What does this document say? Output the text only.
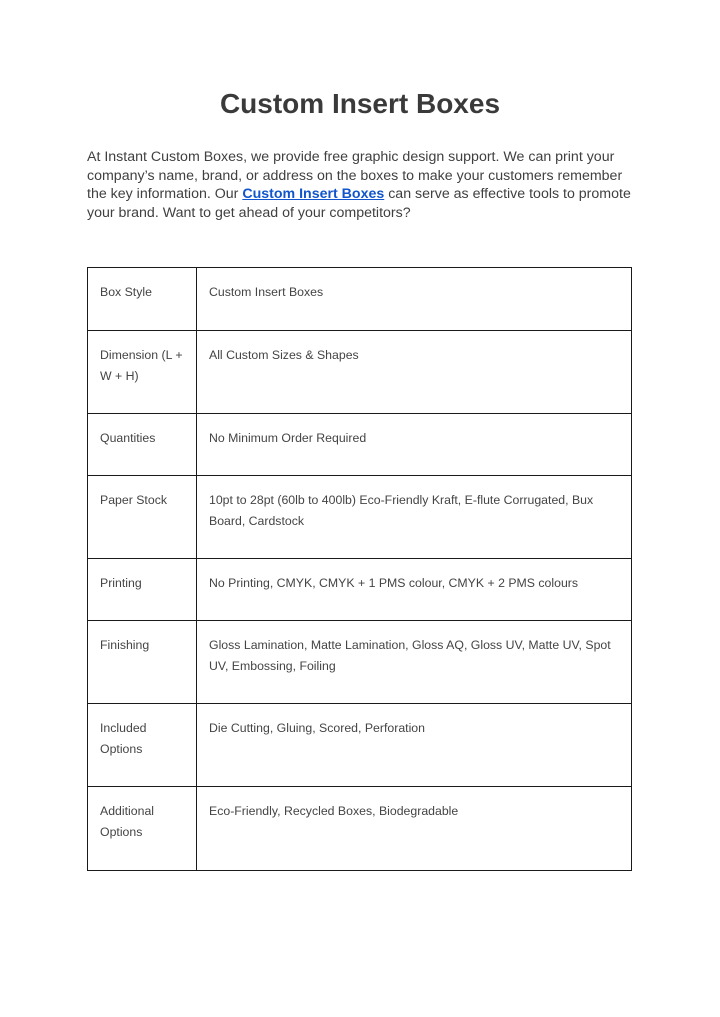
Custom Insert Boxes

At Instant Custom Boxes, we provide free graphic design support. We can print your company’s name, brand, or address on the boxes to make your customers remember the key information. Our Custom Insert Boxes can serve as effective tools to promote your brand. Want to get ahead of your competitors?

Box Style	Custom Insert Boxes
Dimension (L + W + H)	All Custom Sizes & Shapes
Quantities	No Minimum Order Required
Paper Stock	10pt to 28pt (60lb to 400lb) Eco-Friendly Kraft, E-flute Corrugated, Bux Board, Cardstock
Printing	No Printing, CMYK, CMYK + 1 PMS colour, CMYK + 2 PMS colours
Finishing	Gloss Lamination, Matte Lamination, Gloss AQ, Gloss UV, Matte UV, Spot UV, Embossing, Foiling
Included Options	Die Cutting, Gluing, Scored, Perforation
Additional Options	Eco-Friendly, Recycled Boxes, Biodegradable
